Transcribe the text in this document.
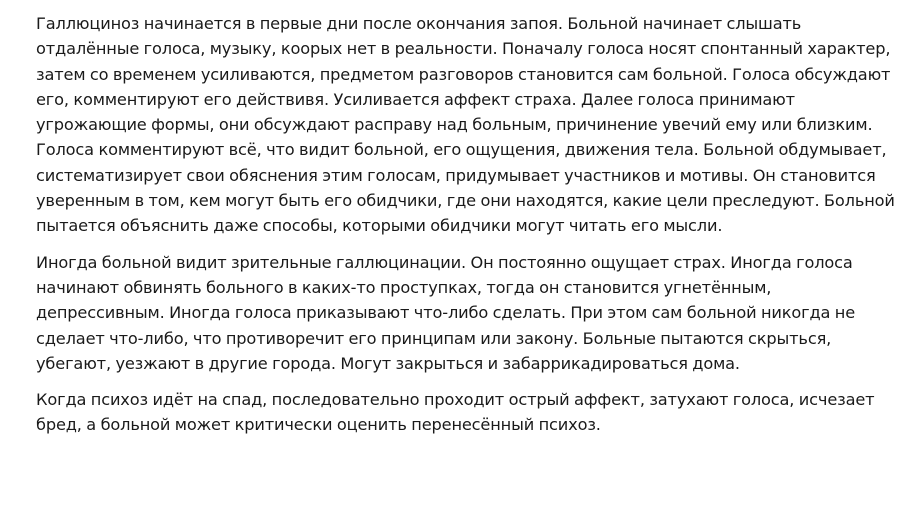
Галлюциноз начинается в первые дни после окончания запоя. Больной начинает слышать отдалённые голоса, музыку, коорых нет в реальности. Поначалу голоса носят спонтанный характер, затем со временем усиливаются, предметом разговоров становится сам больной. Голоса обсуждают его, комментируют его действивя. Усиливается аффект страха. Далее голоса принимают угрожающие формы, они обсуждают расправу над больным, причинение увечий ему или близким. Голоса комментируют всё, что видит больной, его ощущения, движения тела. Больной обдумывает, систематизирует свои обяснения этим голосам, придумывает участников и мотивы. Он становится уверенным в том, кем могут быть его обидчики, где они находятся, какие цели преследуют. Больной пытается объяснить даже способы, которыми обидчики могут читать его мысли.

Иногда больной видит зрительные галлюцинации. Он постоянно ощущает страх. Иногда голоса начинают обвинять больного в каких-то проступках, тогда он становится угнетённым, депрессивным. Иногда голоса приказывают что-либо сделать. При этом сам больной никогда не сделает что-либо, что противоречит его принципам или закону. Больные пытаются скрыться, убегают, уезжают в другие города. Могут закрыться и забаррикадироваться дома.

Когда психоз идёт на спад, последовательно проходит острый аффект, затухают голоса, исчезает бред, а больной может критически оценить перенесённый психоз.
